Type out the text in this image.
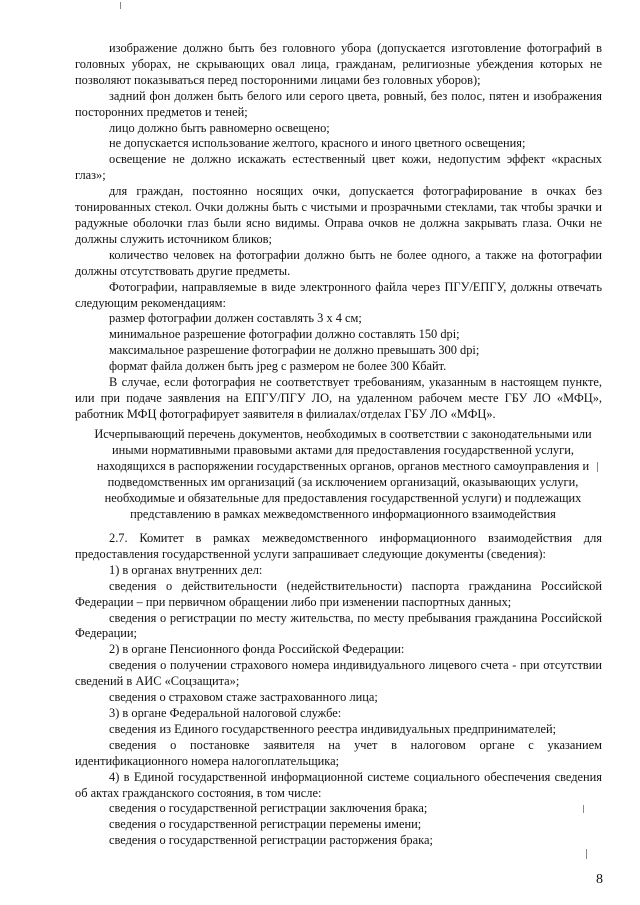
изображение должно быть без головного убора (допускается изготовление фотографий в головных уборах, не скрывающих овал лица, гражданам, религиозные убеждения которых не позволяют показываться перед посторонними лицами без головных уборов);

задний фон должен быть белого или серого цвета, ровный, без полос, пятен и изображения посторонних предметов и теней;

лицо должно быть равномерно освещено;

не допускается использование желтого, красного и иного цветного освещения;

освещение не должно искажать естественный цвет кожи, недопустим эффект «красных глаз»;

для граждан, постоянно носящих очки, допускается фотографирование в очках без тонированных стекол. Очки должны быть с чистыми и прозрачными стеклами, так чтобы зрачки и радужные оболочки глаз были ясно видимы. Оправа очков не должна закрывать глаза. Очки не должны служить источником бликов;

количество человек на фотографии должно быть не более одного, а также на фотографии должны отсутствовать другие предметы.

Фотографии, направляемые в виде электронного файла через ПГУ/ЕПГУ, должны отвечать следующим рекомендациям:

размер фотографии должен составлять 3 х 4 см;

минимальное разрешение фотографии должно составлять 150 dpi;

максимальное разрешение фотографии не должно превышать 300 dpi;

формат файла должен быть jpeg с размером не более 300 Кбайт.

В случае, если фотография не соответствует требованиям, указанным в настоящем пункте, или при подаче заявления на ЕПГУ/ПГУ ЛО, на удаленном рабочем месте ГБУ ЛО «МФЦ», работник МФЦ фотографирует заявителя в филиалах/отделах ГБУ ЛО «МФЦ».

Исчерпывающий перечень документов, необходимых в соответствии с законодательными или иными нормативными правовыми актами для предоставления государственной услуги, находящихся в распоряжении государственных органов, органов местного самоуправления и подведомственных им организаций (за исключением организаций, оказывающих услуги, необходимые и обязательные для предоставления государственной услуги) и подлежащих представлению в рамках межведомственного информационного взаимодействия

2.7. Комитет в рамках межведомственного информационного взаимодействия для предоставления государственной услуги запрашивает следующие документы (сведения):

1) в органах внутренних дел:

сведения о действительности (недействительности) паспорта гражданина Российской Федерации – при первичном обращении либо при изменении паспортных данных;

сведения о регистрации по месту жительства, по месту пребывания гражданина Российской Федерации;

2) в органе Пенсионного фонда Российской Федерации:

сведения о получении страхового номера индивидуального лицевого счета - при отсутствии сведений в АИС «Соцзащита»;

сведения о страховом стаже застрахованного лица;

3) в органе Федеральной налоговой службе:

сведения из Единого государственного реестра индивидуальных предпринимателей;

сведения о постановке заявителя на учет в налоговом органе с указанием идентификационного номера налогоплательщика;

4) в Единой государственной информационной системе социального обеспечения сведения об актах гражданского состояния, в том числе:

сведения о государственной регистрации заключения брака;

сведения о государственной регистрации перемены имени;

сведения о государственной регистрации расторжения брака;

8
